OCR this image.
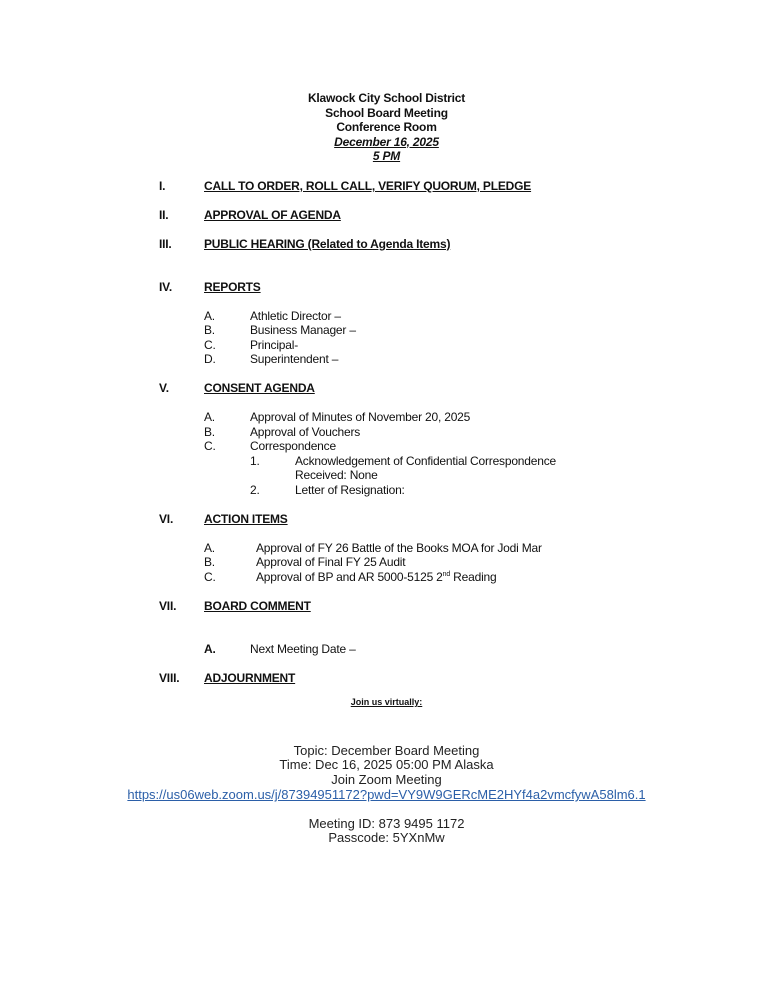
Klawock City School District
School Board Meeting
Conference Room
December 16, 2025
5 PM
I.	CALL TO ORDER, ROLL CALL, VERIFY QUORUM, PLEDGE
II.	APPROVAL OF AGENDA
III.	PUBLIC HEARING (Related to Agenda Items)
IV.	REPORTS
A.	Athletic Director –
B.	Business Manager –
C.	Principal-
D.	Superintendent –
V.	CONSENT AGENDA
A.	Approval of Minutes of November 20, 2025
B.	Approval of Vouchers
C.	Correspondence
1.	Acknowledgement of Confidential Correspondence
Received: None
2.	Letter of Resignation:
VI.	ACTION ITEMS
A.	Approval of FY 26 Battle of the Books MOA for Jodi Mar
B.	Approval of Final FY 25 Audit
C.	Approval of BP and AR 5000-5125 2nd Reading
VII. BOARD COMMENT
A.	Next Meeting Date –
VIII. ADJOURNMENT
Join us virtually:
Topic: December Board Meeting
Time: Dec 16, 2025 05:00 PM Alaska
Join Zoom Meeting
https://us06web.zoom.us/j/87394951172?pwd=VY9W9GERcME2HYf4a2vmcfywA58lm6.1
Meeting ID: 873 9495 1172
Passcode: 5YXnMw
